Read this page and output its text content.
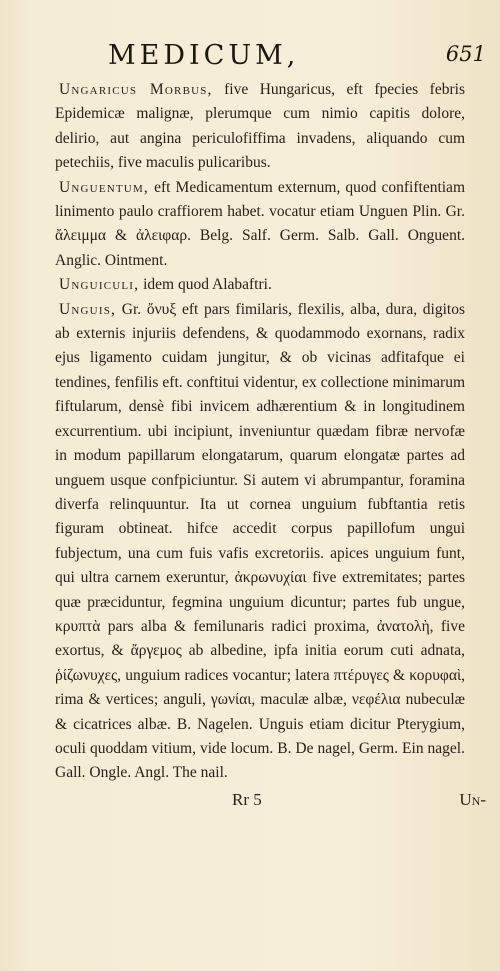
MEDICUM,	651

Ungaricus Morbus, five Hungaricus, eft fpecies febris Epidemicæ malignæ, plerumque cum nimio capitis dolore, delirio, aut angina periculofiffima invadens, aliquando cum petechiis, five maculis pulicaribus.

Unguentum, eft Medicamentum externum, quod confiftentiam linimento paulo craffiorem habet. vocatur etiam Unguen Plin. Gr. ἄλειμμα & ἀλειφαρ. Belg. Salf. Germ. Salb. Gall. Onguent. Anglic. Ointment.

Unguiculi, idem quod Alabaftri.

Unguis, Gr. ὄνυξ eft pars fimilaris, flexilis, alba, dura, digitos ab externis injuriis defendens, & quodammodo exornans, radix ejus ligamento cuidam jungitur, & ob vicinas adfitafque ei tendines, fenfilis eft. conftitui videntur, ex collectione minimarum fiftularum, densè fibi invicem adhærentium & in longitudinem excurrentium. ubi incipiunt, inveniuntur quædam fibræ nervofæ in modum papillarum elongatarum, quarum elongatæ partes ad unguem usque confpiciuntur. Si autem vi abrumpantur, foramina diverfa relinquuntur. Ita ut cornea unguium fubftantia retis figuram obtineat. hifce accedit corpus papillofum ungui fubjectum, una cum fuis vafis excretoriis. apices unguium funt, qui ultra carnem exeruntur, ἀκρωνυχίαι five extremitates; partes quæ præciduntur, fegmina unguium dicuntur; partes fub ungue, κρυπτὰ pars alba & femilunaris radici proxima, ἀνατολὴ, five exortus, & ἄργεμος ab albedine, ipfa initia eorum cuti adnata, ῥίζωνυχες, unguium radices vocantur; latera πτέρυγες & κορυφαὶ, rima & vertices; anguli, γωνίαι, maculæ albæ, νεφέλια nubeculæ & cicatrices albæ. B. Nagelen. Unguis etiam dicitur Pterygium, oculi quoddam vitium, vide locum. B. De nagel, Germ. Ein nagel. Gall. Ongle. Angl. The nail.

Rr 5	Un-
